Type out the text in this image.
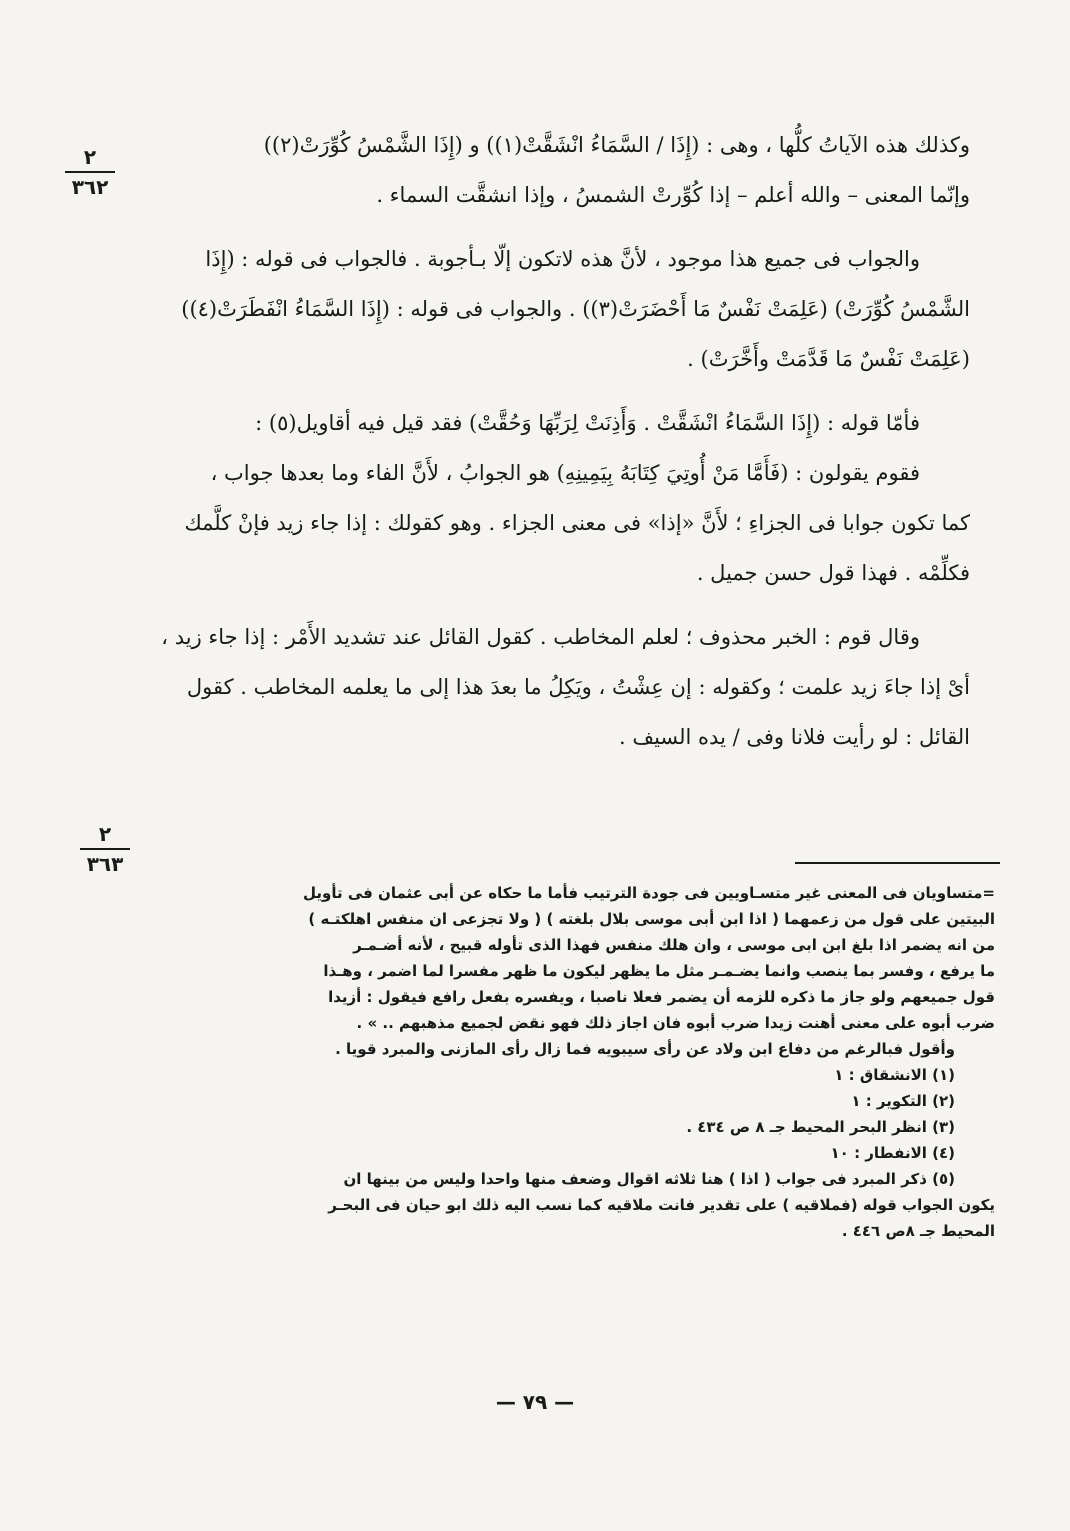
٢
٣٦٢
٢
٣٦٣
وكذلك هذه الآياتُ كلُّها ، وهى : (إِذَا / السَّمَاءُ انْشَقَّتْ(١)) و (إِذَا الشَّمْسُ كُوِّرَتْ(٢))
وإنّما المعنى – والله أعلم – إذا كُوِّرتْ الشمسُ ، وإذا انشقَّت السماء .
والجواب فى جميع هذا موجود ، لأنَّ هذه لاتكون إلّا بـأجوبة . فالجواب فى قوله : (إِذَا
الشَّمْسُ كُوِّرَتْ) (عَلِمَتْ نَفْسٌ مَا أَحْضَرَتْ(٣)) . والجواب فى قوله : (إِذَا السَّمَاءُ انْفَطَرَتْ(٤))
(عَلِمَتْ نَفْسٌ مَا قَدَّمَتْ وأَخَّرَتْ) .
فأمّا قوله : (إِذَا السَّمَاءُ انْشَقَّتْ . وَأَذِنَتْ لِرَبِّهَا وَحُقَّتْ) فقد قيل فيه أقاويل(٥) :
فقوم يقولون : (فَأَمَّا مَنْ أُوتِيَ كِتَابَهُ بِيَمِينِهِ) هو الجوابُ ، لأَنَّ الفاء وما بعدها جواب ،
كما تكون جوابا فى الجزاءِ ؛ لأَنَّ «إذا» فى معنى الجزاء . وهو كقولك : إذا جاء زيد فإنْ كلَّمك
فكلِّمْه . فهذا قول حسن جميل .
وقال قوم : الخبر محذوف ؛ لعلم المخاطب . كقول القائل عند تشديد الأَمْر : إذا جاء زيد ،
أىْ إذا جاءَ زيد علمت ؛ وكقوله : إن عِشْتُ ، ويَكِلُ ما بعدَ هذا إلى ما يعلمه المخاطب . كقول
القائل : لو رأيت فلانا وفى / يده السيف .
=متساويان فى المعنى غير متسـاويين فى جودة الترتيب فأما ما حكاه عن أبى عثمان فى تأويل
البيتين على قول من زعمهما ( اذا ابن أبى موسى بلال بلغته ) ( ولا تجزعى ان منفس اهلكتـه )
من انه يضمر اذا بلغ ابن ابى موسى ، وان هلك منفس فهذا الذى تأوله قبيح ، لأنه أضـمـر
ما يرفع ، وفسر بما ينصب وانما يضـمـر مثل ما يظهر ليكون ما ظهر مفسرا لما اضمر ، وهـذا
قول جميعهم ولو جاز ما ذكره للزمه أن يضمر فعلا ناصبا ، ويفسره بفعل رافع فيقول : أزيدا
ضرب أبوه على معنى أهنت زيدا ضرب أبوه فان اجاز ذلك فهو نقض لجميع مذهبهم .. » .
وأقول فبالرغم من دفاع ابن ولاد عن رأى سيبويه فما زال رأى المازنى والمبرد قويا .
(١) الانشقاق : ١
(٢) التكوير : ١
(٣) انظر البحر المحيط جـ ٨ ص ٤٣٤ .
(٤) الانفطار : ١٠
(٥) ذكر المبرد فى جواب ( اذا ) هنا ثلاثه اقوال وضعف منها واحدا وليس من بينها ان
يكون الجواب قوله (فملاقيه ) على تقدير فانت ملاقيه كما نسب اليه ذلك ابو حيان فى البحـر
المحيط جـ ٨ص ٤٤٦ .
— ٧٩ —
